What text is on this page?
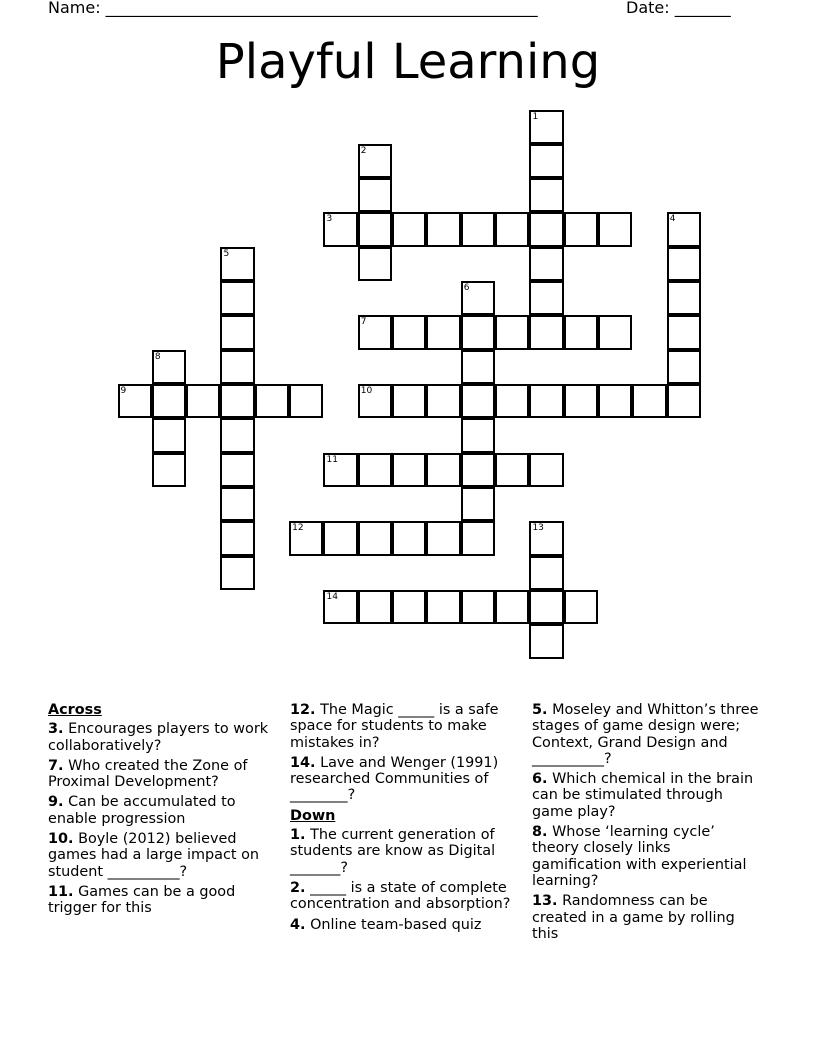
Name: ______________________________________________________	Date: _______
Playful Learning
1
2
3	4
5
6
7
8
9	10
11
12	13
14
Across

3. Encourages players to work collaboratively?

7. Who created the Zone of Proximal Development?

9. Can be accumulated to enable progression

10. Boyle (2012) believed games had a large impact on student __________?

11. Games can be a good trigger for this

12. The Magic _____ is a safe space for students to make mistakes in?

14. Lave and Wenger (1991) researched Communities of ________?

Down

1. The current generation of students are know as Digital _______?

2. _____ is a state of complete concentration and absorption?

4. Online team-based quiz

5. Moseley and Whitton’s three stages of game design were; Context, Grand Design and __________?

6. Which chemical in the brain can be stimulated through game play?

8. Whose ‘learning cycle’ theory closely links gamification with experiential learning?

13. Randomness can be created in a game by rolling this
